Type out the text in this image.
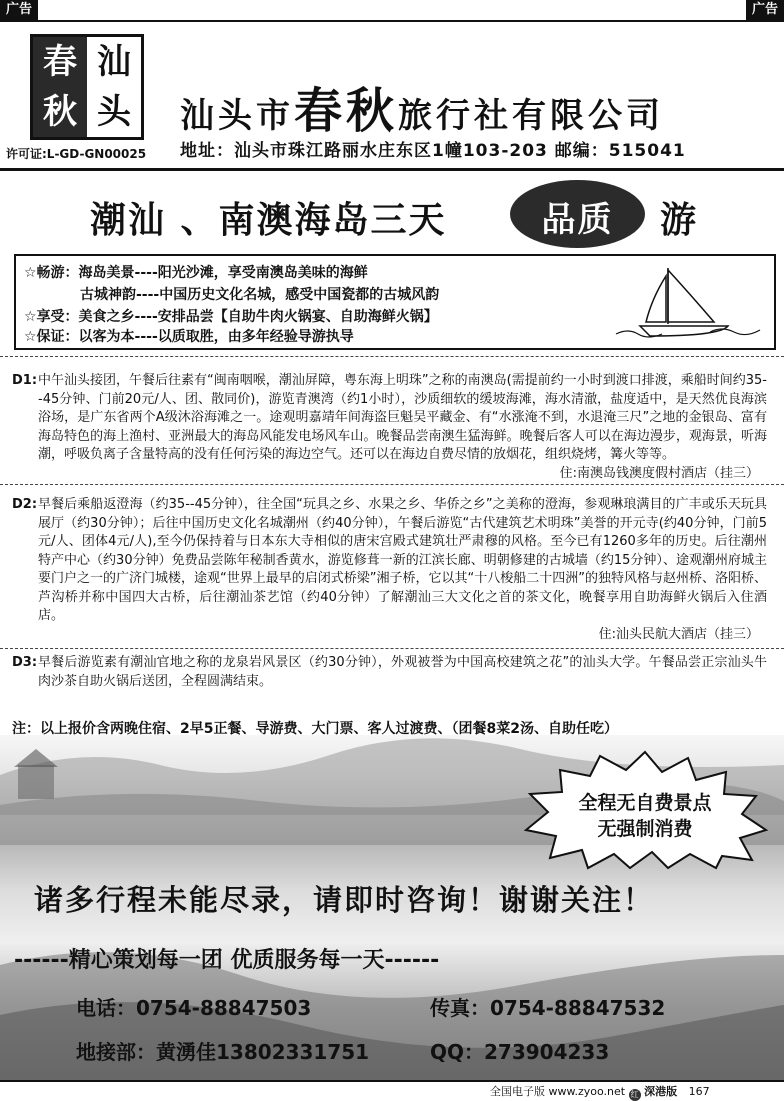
广告	广告
汕
头
春
秋
许可证:L-GD-GN00025
汕头市春秋旅行社有限公司
地址：汕头市珠江路丽水庄东区1幢103-203 邮编：515041
潮汕 、南澳海岛三天	品质	游
☆畅游：海岛美景----阳光沙滩，享受南澳岛美味的海鲜
　　　　古城神韵----中国历史文化名城，感受中国瓷都的古城风韵
☆享受：美食之乡----安排品尝【自助牛肉火锅宴、自助海鲜火锅】
☆保证：以客为本----以质取胜，由多年经验导游执导
D1: 中午汕头接团，午餐后往素有“闽南咽喉，潮汕屏障，粤东海上明珠”之称的南澳岛(需提前约一小时到渡口排渡，乘船时间约35--45分钟、门前20元/人、团、散同价)，游览青澳湾（约1小时），沙质细软的缓坡海滩，海水清澈，盐度适中，是天然优良海滨浴场，是广东省两个A级沐浴海滩之一。途观明嘉靖年间海盗巨魁吴平藏金、有“水涨淹不到，水退淹三尺”之地的金银岛、富有海岛特色的海上渔村、亚洲最大的海岛风能发电场风车山。晚餐品尝南澳生猛海鲜。晚餐后客人可以在海边漫步，观海景，听海潮，呼吸负离子含量特高的没有任何污染的海边空气。还可以在海边自费尽情的放烟花，组织烧烤，篝火等等。
住:南澳岛钱澳度假村酒店（挂三）
D2: 早餐后乘船返澄海（约35--45分钟），往全国“玩具之乡、水果之乡、华侨之乡”之美称的澄海，参观琳琅满目的广丰或乐天玩具展厅（约30分钟）；后往中国历史文化名城潮州（约40分钟），午餐后游览“古代建筑艺术明珠”美誉的开元寺(约40分钟，门前5元/人、团体4元/人),至今仍保持着与日本东大寺相似的唐宋宫殿式建筑壮严肃穆的风格。至今已有1260多年的历史。后往潮州特产中心（约30分钟）免费品尝陈年秘制香黄水，游览修葺一新的江滨长廊、明朝修建的古城墙（约15分钟）、途观潮州府城主要门户之一的广济门城楼，途观“世界上最早的启闭式桥梁”湘子桥，它以其“十八梭船二十四洲”的独特风格与赵州桥、洛阳桥、芦沟桥并称中国四大古桥，后往潮汕茶艺馆（约40分钟）了解潮汕三大文化之首的茶文化，晚餐享用自助海鲜火锅后入住酒店。
住:汕头民航大酒店（挂三）
D3: 早餐后游览素有潮汕官地之称的龙泉岩风景区（约30分钟），外观被誉为中国高校建筑之花”的汕头大学。午餐品尝正宗汕头牛肉沙茶自助火锅后送团，全程圆满结束。
注：以上报价含两晚住宿、2早5正餐、导游费、大门票、客人过渡费、（团餐8菜2汤、自助任吃）
全程无自费景点
无强制消费
诸多行程未能尽录，请即时咨询！谢谢关注！
------精心策划每一团 优质服务每一天------
电话：0754-88847503	传真：0754-88847532
地接部：黄湧佳13802331751	QQ：273904233
全国电子版 www.zyoo.net 红 深港版 167
